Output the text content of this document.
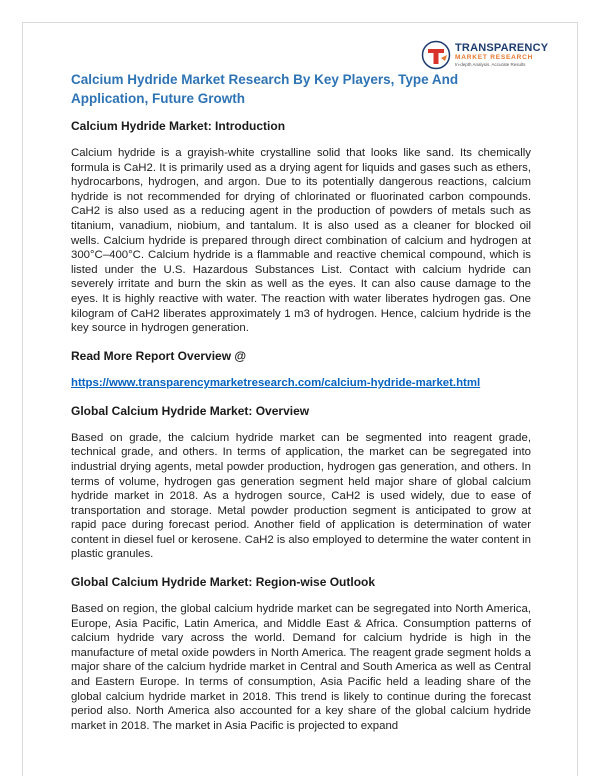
TRANSPARENCY
MARKET RESEARCH
In-depth Analysis. Accurate Results
Calcium Hydride Market Research By Key Players, Type And Application, Future Growth
Calcium Hydride Market: Introduction

Calcium hydride is a grayish-white crystalline solid that looks like sand. Its chemically formula is CaH2. It is primarily used as a drying agent for liquids and gases such as ethers, hydrocarbons, hydrogen, and argon. Due to its potentially dangerous reactions, calcium hydride is not recommended for drying of chlorinated or fluorinated carbon compounds. CaH2 is also used as a reducing agent in the production of powders of metals such as titanium, vanadium, niobium, and tantalum. It is also used as a cleaner for blocked oil wells. Calcium hydride is prepared through direct combination of calcium and hydrogen at 300°C–400°C. Calcium hydride is a flammable and reactive chemical compound, which is listed under the U.S. Hazardous Substances List. Contact with calcium hydride can severely irritate and burn the skin as well as the eyes. It can also cause damage to the eyes. It is highly reactive with water. The reaction with water liberates hydrogen gas. One kilogram of CaH2 liberates approximately 1 m3 of hydrogen. Hence, calcium hydride is the key source in hydrogen generation.

Read More Report Overview @
https://www.transparencymarketresearch.com/calcium-hydride-market.html
Global Calcium Hydride Market: Overview

Based on grade, the calcium hydride market can be segmented into reagent grade, technical grade, and others. In terms of application, the market can be segregated into industrial drying agents, metal powder production, hydrogen gas generation, and others. In terms of volume, hydrogen gas generation segment held major share of global calcium hydride market in 2018. As a hydrogen source, CaH2 is used widely, due to ease of transportation and storage. Metal powder production segment is anticipated to grow at rapid pace during forecast period. Another field of application is determination of water content in diesel fuel or kerosene. CaH2 is also employed to determine the water content in plastic granules.

Global Calcium Hydride Market: Region-wise Outlook

Based on region, the global calcium hydride market can be segregated into North America, Europe, Asia Pacific, Latin America, and Middle East & Africa. Consumption patterns of calcium hydride vary across the world. Demand for calcium hydride is high in the manufacture of metal oxide powders in North America. The reagent grade segment holds a major share of the calcium hydride market in Central and South America as well as Central and Eastern Europe. In terms of consumption, Asia Pacific held a leading share of the global calcium hydride market in 2018. This trend is likely to continue during the forecast period also. North America also accounted for a key share of the global calcium hydride market in 2018. The market in Asia Pacific is projected to expand
